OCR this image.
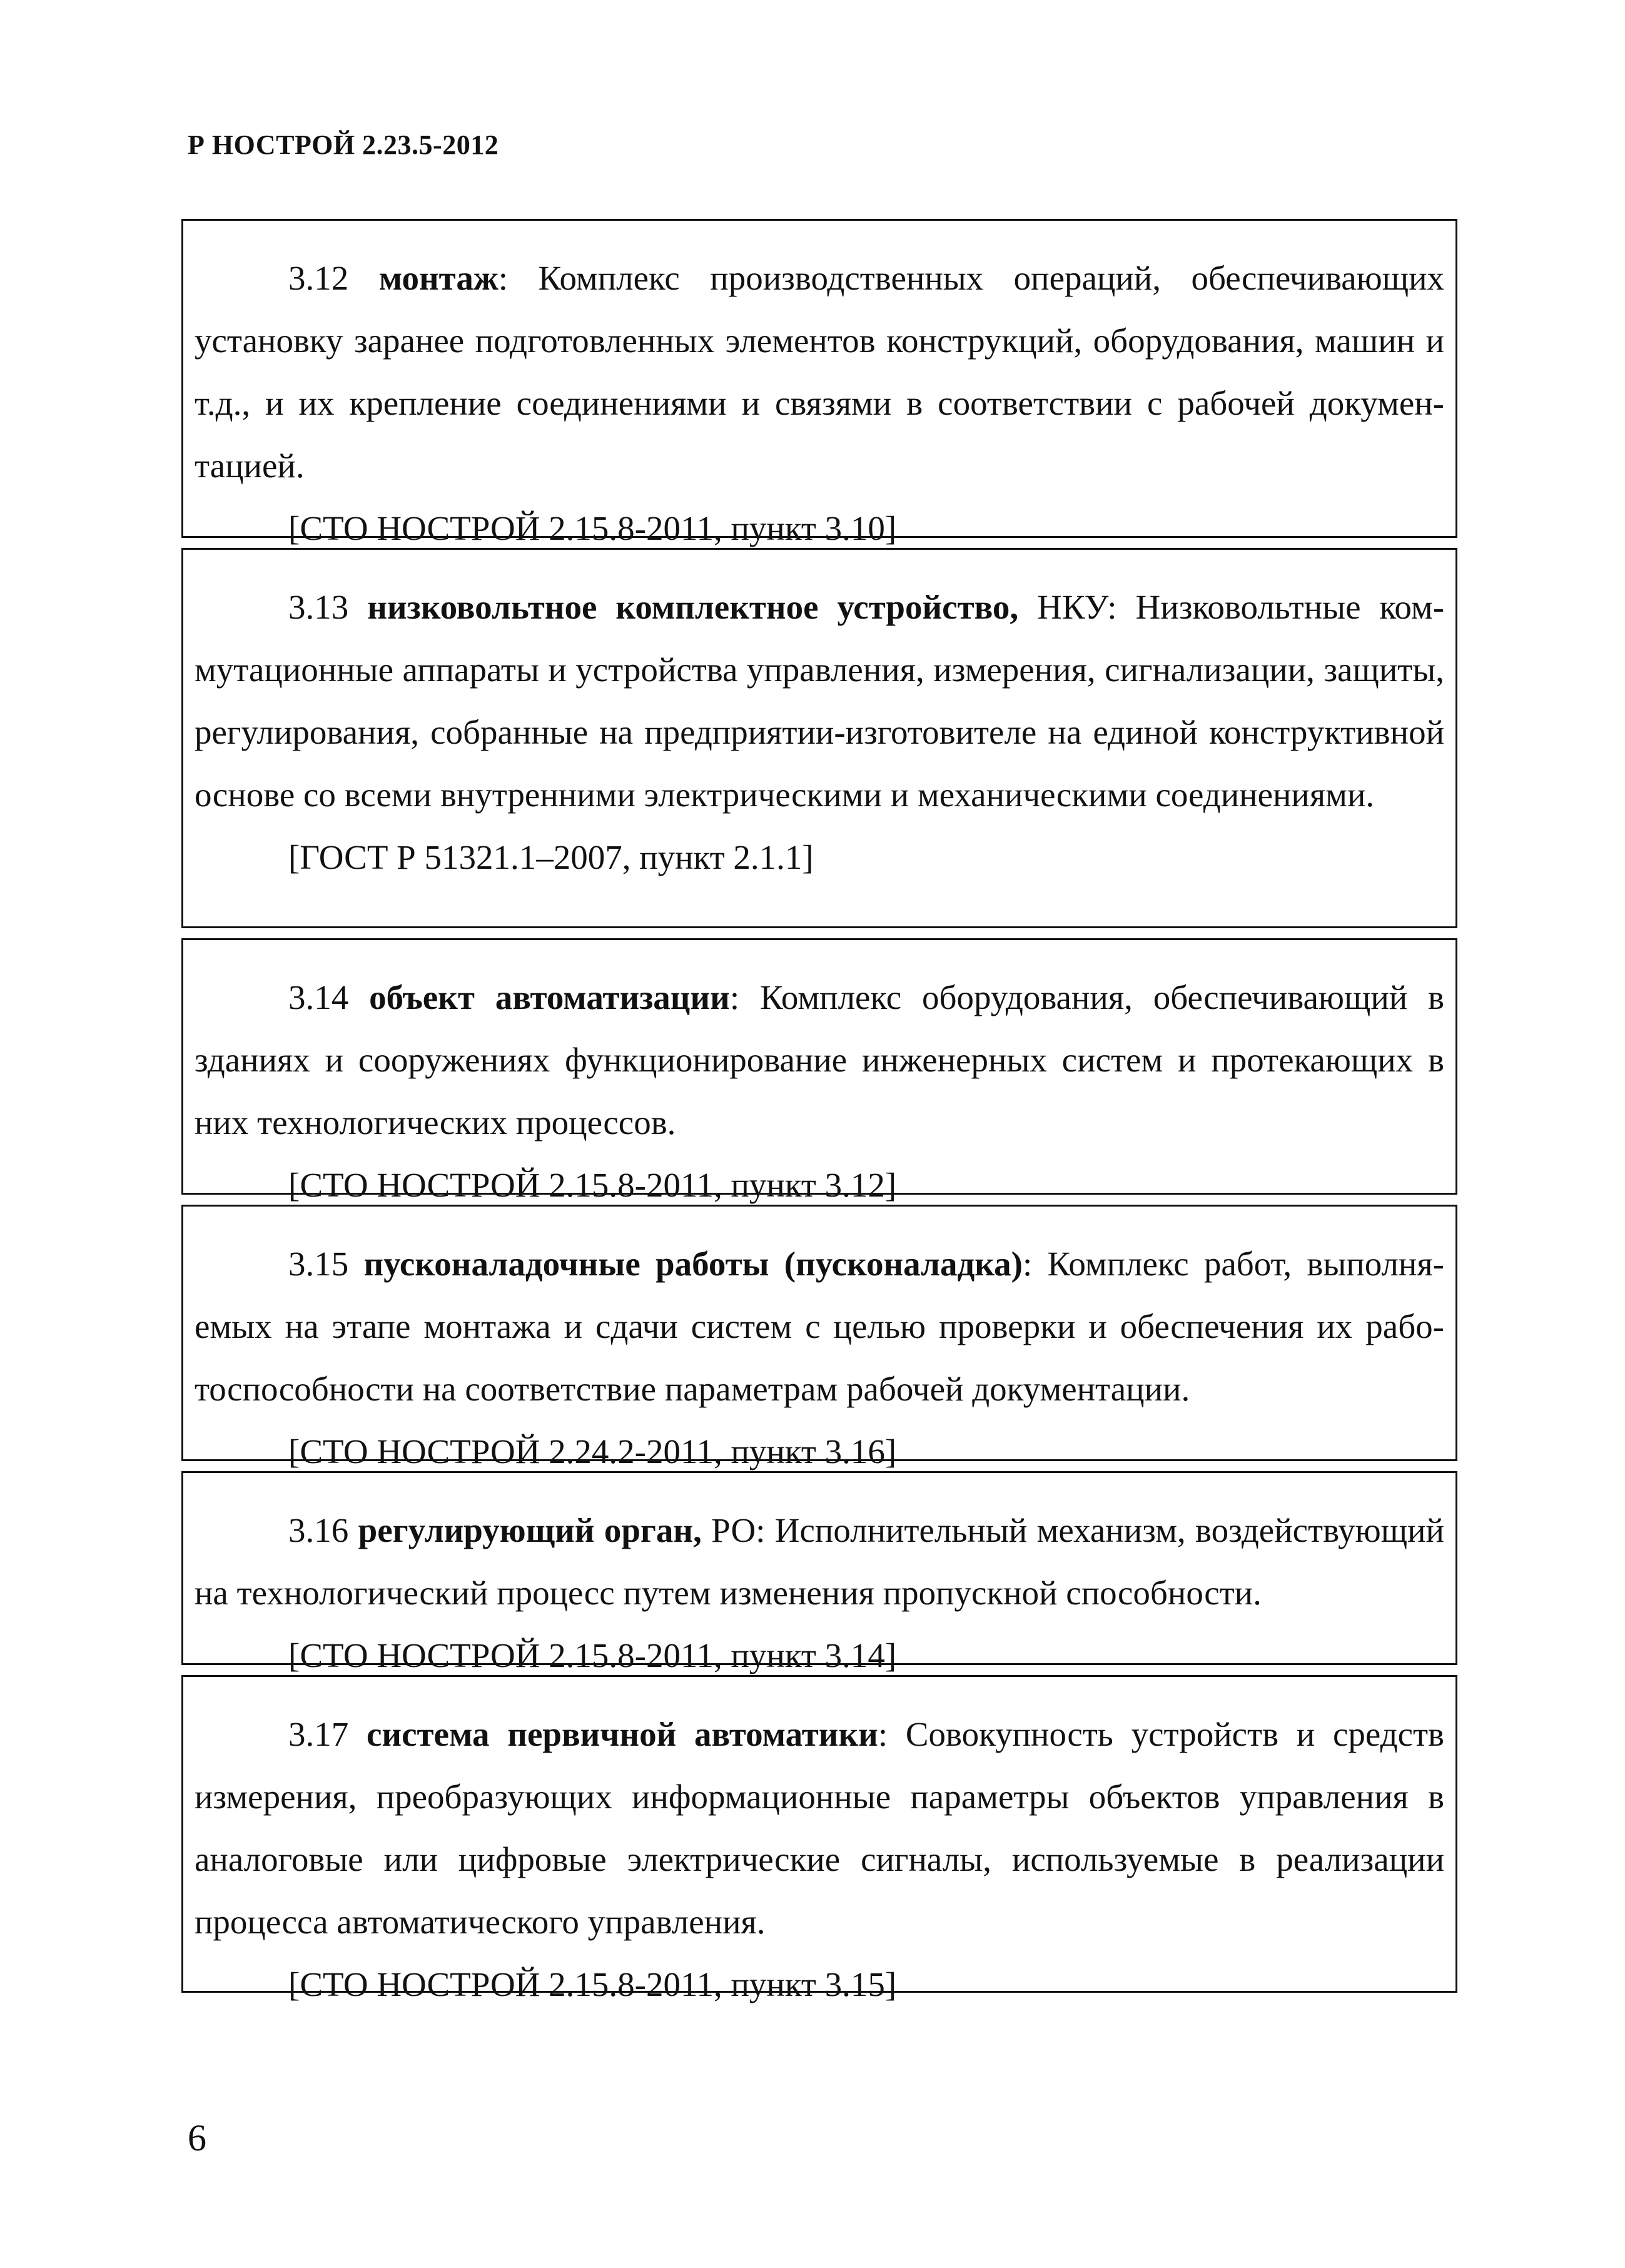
Р НОСТРОЙ 2.23.5-2012

3.12 монтаж: Комплекс производственных операций, обеспечивающих установку заранее подготовленных элементов конструкций, оборудования, машин и т.д., и их крепление соединениями и связями в соответствии с рабочей документацией.

[СТО НОСТРОЙ 2.15.8-2011, пункт 3.10]

3.13 низковольтное комплектное устройство, НКУ: Низковольтные коммутационные аппараты и устройства управления, измерения, сигнализации, защиты, регулирования, собранные на предприятии-изготовителе на единой конструктивной основе со всеми внутренними электрическими и механическими соединениями.

[ГОСТ Р 51321.1–2007, пункт 2.1.1]

3.14 объект автоматизации: Комплекс оборудования, обеспечивающий в зданиях и сооружениях функционирование инженерных систем и протекающих в них технологических процессов.

[СТО НОСТРОЙ 2.15.8-2011, пункт 3.12]

3.15 пусконаладочные работы (пусконаладка): Комплекс работ, выполняемых на этапе монтажа и сдачи систем с целью проверки и обеспечения их работоспособности на соответствие параметрам рабочей документации.

[СТО НОСТРОЙ 2.24.2-2011, пункт 3.16]

3.16 регулирующий орган, РО: Исполнительный механизм, воздействующий на технологический процесс путем изменения пропускной способности.

[СТО НОСТРОЙ 2.15.8-2011, пункт 3.14]

3.17 система первичной автоматики: Совокупность устройств и средств измерения, преобразующих информационные параметры объектов управления в аналоговые или цифровые электрические сигналы, используемые в реализации процесса автоматического управления.

[СТО НОСТРОЙ 2.15.8-2011, пункт 3.15]

6
